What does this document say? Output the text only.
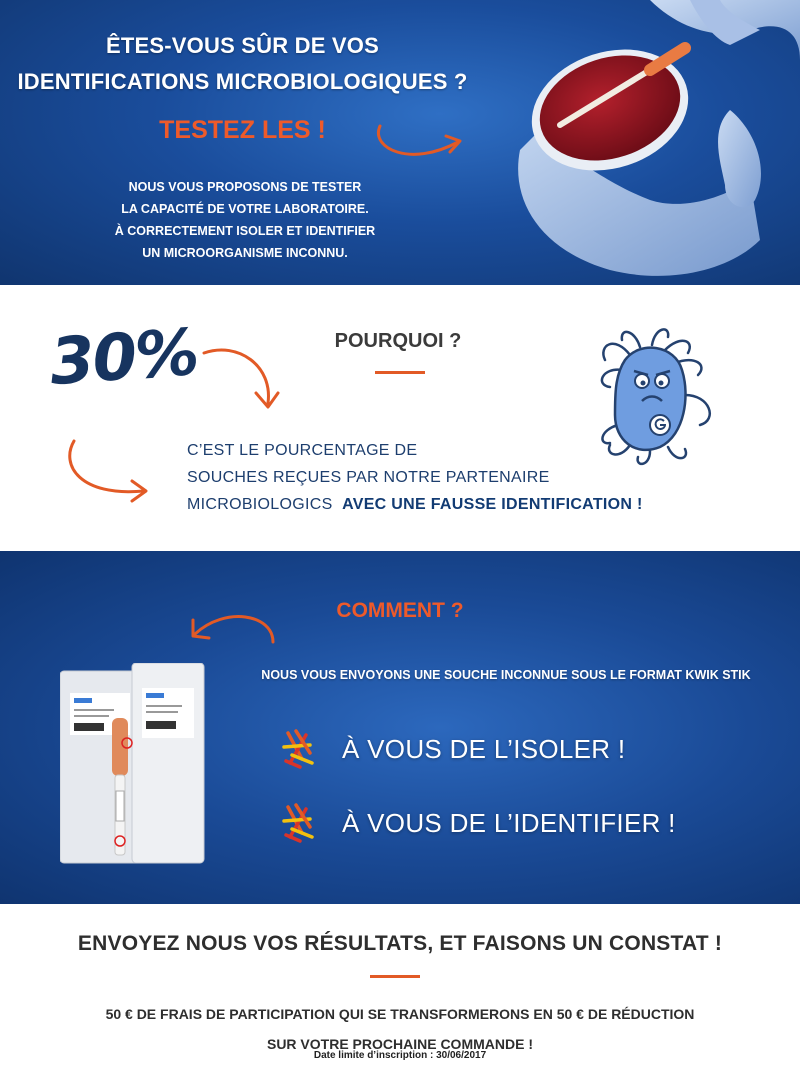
ÊTES-VOUS SÛR DE VOS
IDENTIFICATIONS MICROBIOLOGIQUES ?
TESTEZ LES !
NOUS VOUS PROPOSONS DE TESTER
LA CAPACITÉ DE VOTRE LABORATOIRE.
À CORRECTEMENT ISOLER ET IDENTIFIER
UN MICROORGANISME INCONNU.
30%	POURQUOI ?

C’EST LE POURCENTAGE DE
SOUCHES REÇUES PAR NOTRE PARTENAIRE
MICROBIOLOGICS AVEC UNE FAUSSE IDENTIFICATION !

COMMENT ?

NOUS VOUS ENVOYONS UNE SOUCHE INCONNUE SOUS LE FORMAT KWIK STIK

À VOUS DE L’ISOLER !
À VOUS DE L’IDENTIFIER !
ENVOYEZ NOUS VOS RÉSULTATS, ET FAISONS UN CONSTAT !

50 € DE FRAIS DE PARTICIPATION QUI SE TRANSFORMERONS EN 50 € DE RÉDUCTION
SUR VOTRE PROCHAINE COMMANDE !

Date limite d’inscription : 30/06/2017
